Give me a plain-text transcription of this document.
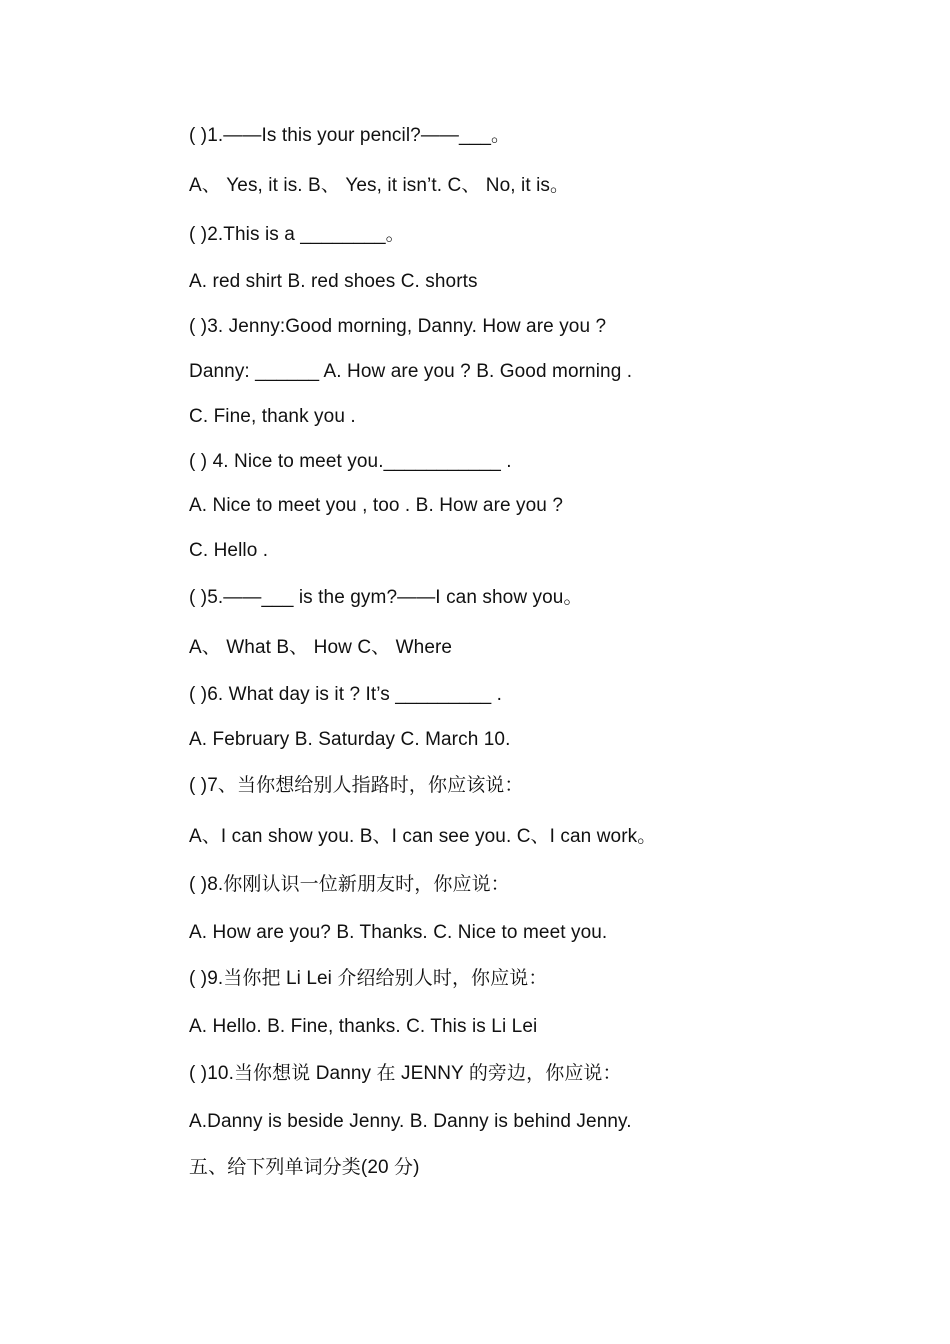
( )1.——Is this your pencil?——___。
A、 Yes, it is. B、 Yes, it isn’t. C、 No, it is。
( )2.This is a ________。
A. red shirt B. red shoes C. shorts
( )3. Jenny:Good morning, Danny. How are you ?
Danny: ______ A. How are you ? B. Good morning .
C. Fine, thank you .
( ) 4. Nice to meet you.___________ .
A. Nice to meet you , too . B. How are you ?
C. Hello .
( )5.——___ is the gym?——I can show you。
A、 What B、 How C、 Where
( )6. What day is it ? It’s _________ .
A. February B. Saturday C. March 10.
( )7、当你想给别人指路时，你应该说：
A、I can show you. B、I can see you. C、I can work。
( )8.你刚认识一位新朋友时，你应说：
A. How are you? B. Thanks. C. Nice to meet you.
( )9.当你把 Li Lei 介绍给别人时，你应说：
A. Hello. B. Fine, thanks. C. This is Li Lei
( )10.当你想说 Danny 在 JENNY 的旁边，你应说：
A.Danny is beside Jenny. B. Danny is behind Jenny.
五、给下列单词分类(20 分)
